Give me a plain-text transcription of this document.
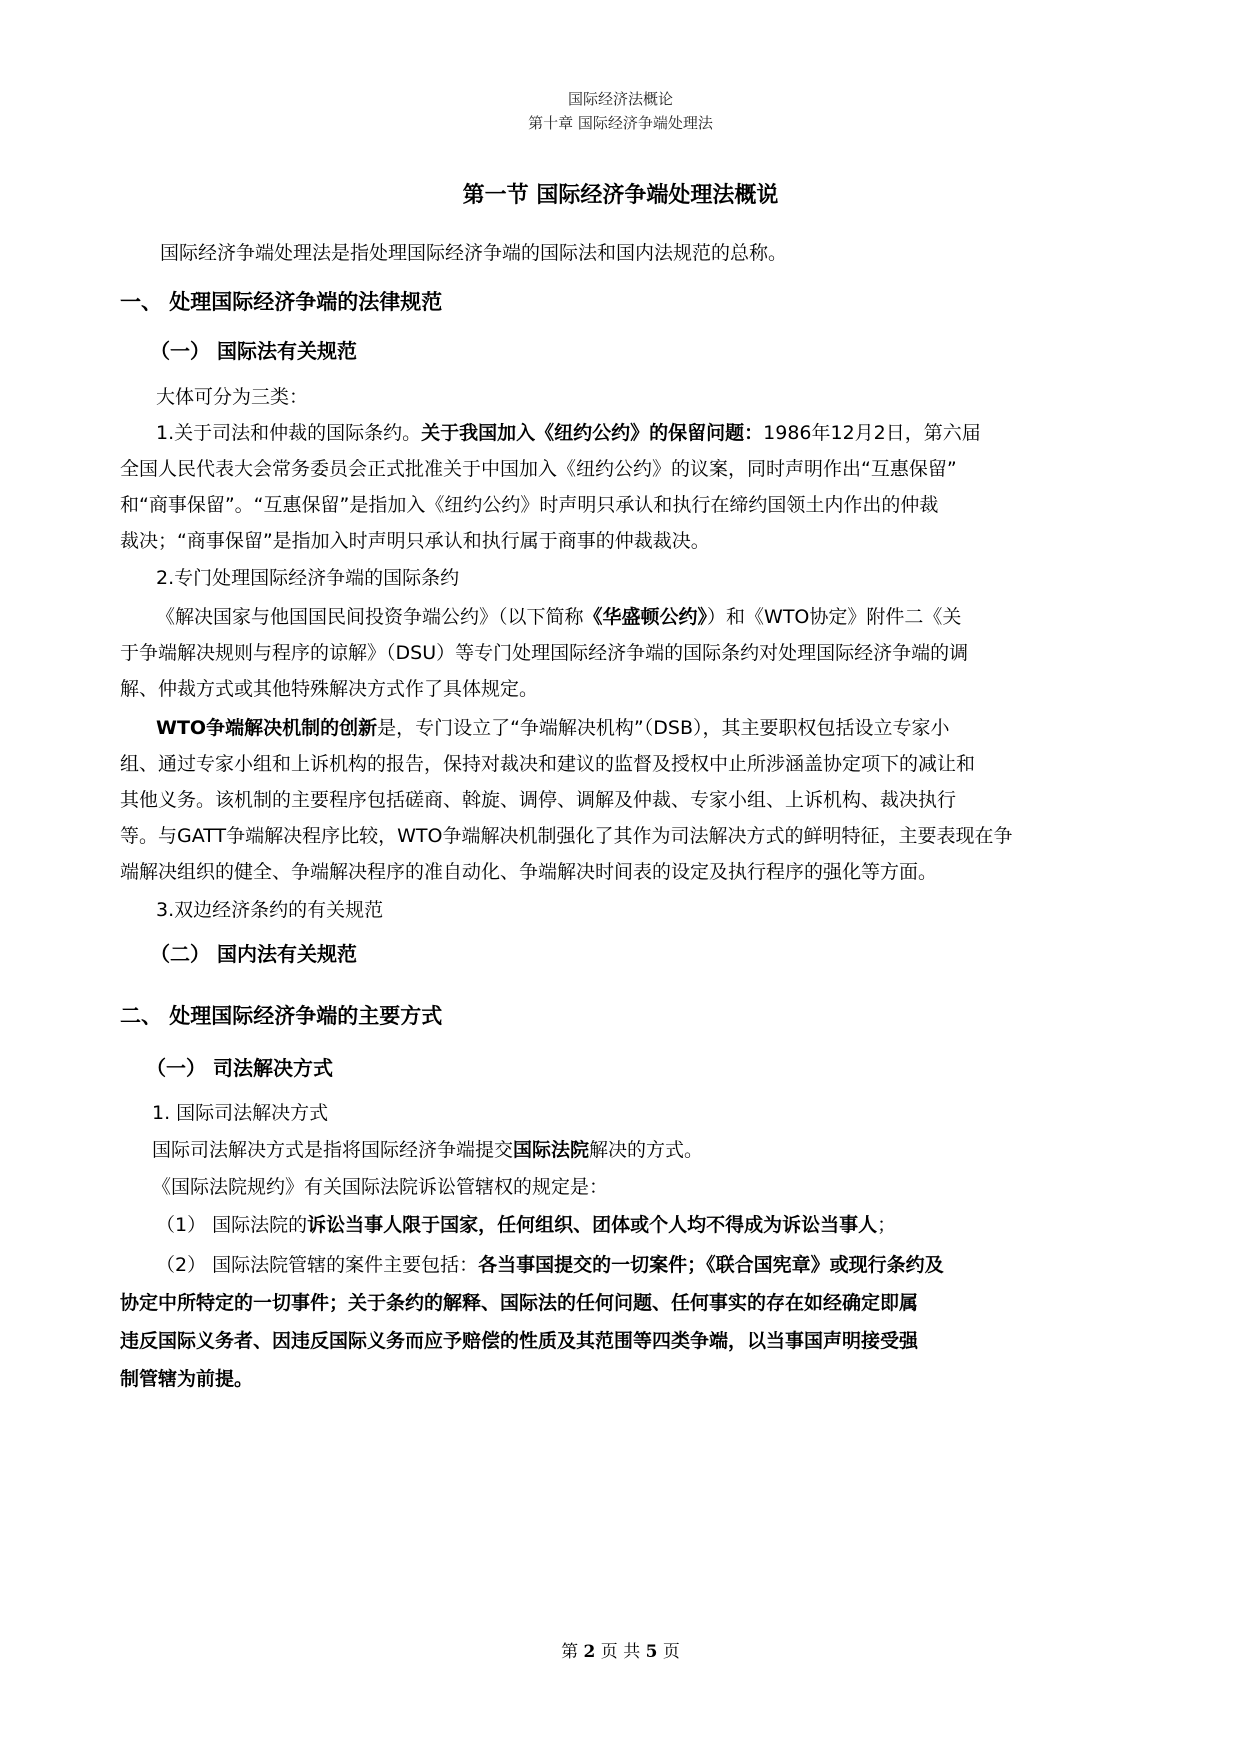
国际经济法概论
第十章 国际经济争端处理法
第一节 国际经济争端处理法概说
国际经济争端处理法是指处理国际经济争端的国际法和国内法规范的总称。
一、 处理国际经济争端的法律规范
（一） 国际法有关规范
大体可分为三类：
1.关于司法和仲裁的国际条约。关于我国加入《纽约公约》的保留问题：1986年12月2日，第六届
全国人民代表大会常务委员会正式批准关于中国加入《纽约公约》的议案，同时声明作出“互惠保留”
和“商事保留”。“互惠保留”是指加入《纽约公约》时声明只承认和执行在缔约国领土内作出的仲裁
裁决；“商事保留”是指加入时声明只承认和执行属于商事的仲裁裁决。
2.专门处理国际经济争端的国际条约
《解决国家与他国国民间投资争端公约》（以下简称《华盛顿公约》）和《WTO协定》附件二《关
于争端解决规则与程序的谅解》（DSU）等专门处理国际经济争端的国际条约对处理国际经济争端的调
解、仲裁方式或其他特殊解决方式作了具体规定。
WTO争端解决机制的创新是，专门设立了“争端解决机构”（DSB），其主要职权包括设立专家小
组、通过专家小组和上诉机构的报告，保持对裁决和建议的监督及授权中止所涉涵盖协定项下的减让和
其他义务。该机制的主要程序包括磋商、斡旋、调停、调解及仲裁、专家小组、上诉机构、裁决执行
等。与GATT争端解决程序比较，WTO争端解决机制强化了其作为司法解决方式的鲜明特征，主要表现在争
端解决组织的健全、争端解决程序的准自动化、争端解决时间表的设定及执行程序的强化等方面。
3.双边经济条约的有关规范
（二） 国内法有关规范
二、 处理国际经济争端的主要方式
（一） 司法解决方式
1. 国际司法解决方式
国际司法解决方式是指将国际经济争端提交国际法院解决的方式。
《国际法院规约》有关国际法院诉讼管辖权的规定是：
（1） 国际法院的诉讼当事人限于国家，任何组织、团体或个人均不得成为诉讼当事人；
（2） 国际法院管辖的案件主要包括：各当事国提交的一切案件；《联合国宪章》或现行条约及
协定中所特定的一切事件；关于条约的解释、国际法的任何问题、任何事实的存在如经确定即属
违反国际义务者、因违反国际义务而应予赔偿的性质及其范围等四类争端，以当事国声明接受强
制管辖为前提。
第 2 页 共 5 页
